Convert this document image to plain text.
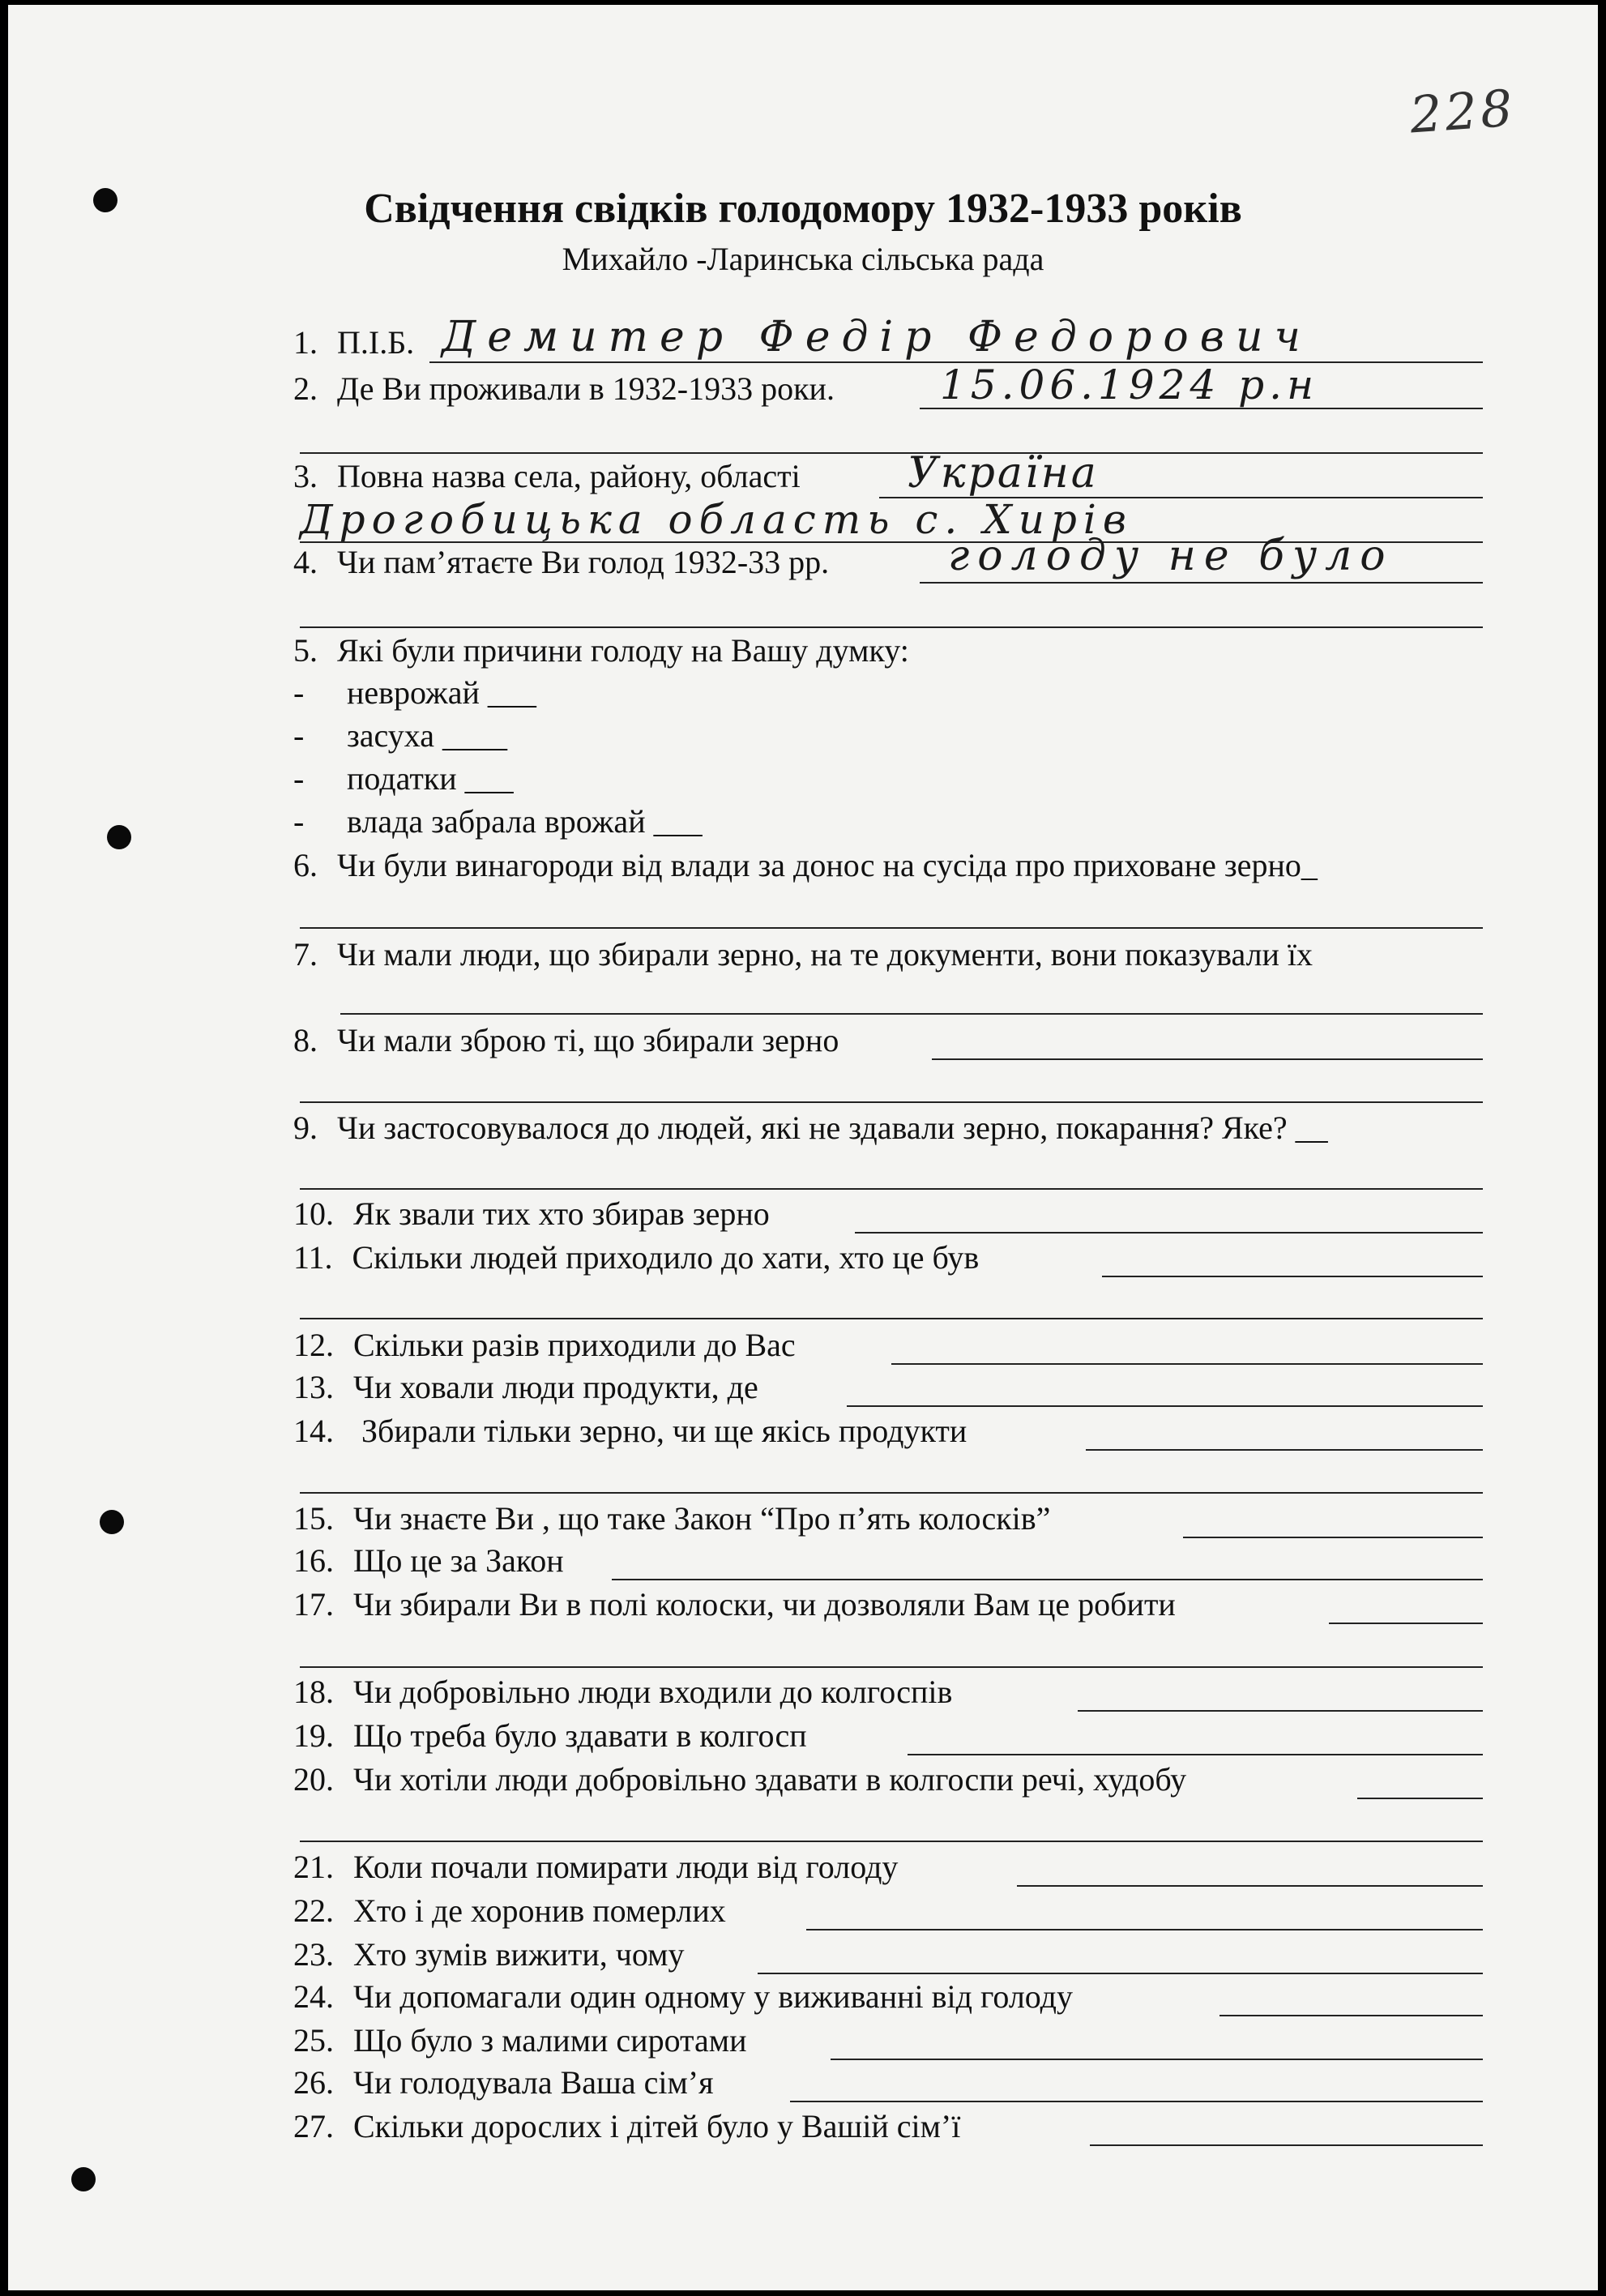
228
Свідчення свідків голодомору 1932-1933 років
Михайло -Ларинська сільська рада
1. П.І.Б. Демитер Федір Федорович
2. Де Ви проживали в 1932-1933 роки.	15.06.1924 р.н
3. Повна назва села, району, області	Україна
Дрогобицька область с. Хирів
4. Чи пам’ятаєте Ви голод 1932-33 рр.	голоду не було
5. Які були причини голоду на Вашу думку:
- неврожай ___
- засуха ____
- податки ___
- влада забрала врожай ___
6. Чи були винагороди від влади за донос на сусіда про приховане зерно_
7. Чи мали люди, що збирали зерно, на те документи, вони показували їх
8. Чи мали зброю ті, що збирали зерно
9. Чи застосовувалося до людей, які не здавали зерно, покарання? Яке? __
10. Як звали тих хто збирав зерно
11. Скільки людей приходило до хати, хто це був
12. Скільки разів приходили до Вас
13. Чи ховали люди продукти, де
14.  Збирали тільки зерно, чи ще якісь продукти
15. Чи знаєте Ви , що таке Закон “Про п’ять колосків”
16. Що це за Закон
17. Чи збирали Ви в полі колоски, чи дозволяли Вам це робити
18. Чи добровільно люди входили до колгоспів
19. Що треба було здавати в колгосп
20. Чи хотіли люди добровільно здавати в колгоспи речі, худобу
21. Коли почали помирати люди від голоду
22. Хто і де хоронив померлих
23. Хто зумів вижити, чому
24. Чи допомагали один одному у виживанні від голоду
25. Що було з малими сиротами
26. Чи голодувала Ваша сім’я
27. Скільки дорослих і дітей було у Вашій сім’ї
